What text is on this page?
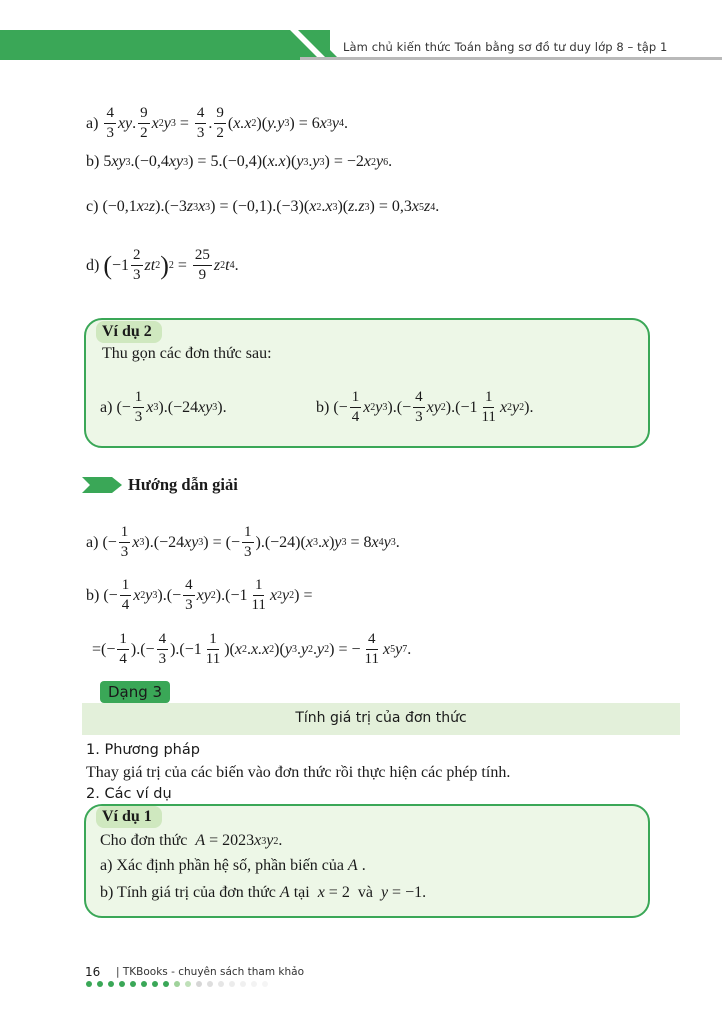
Làm chủ kiến thức Toán bằng sơ đồ tư duy lớp 8 – tập 1
$a) \frac{4}{3}$ xy . $\frac{9}{2}$ x 2 y $3 = \frac{4}{3}$ . $\frac{9}{2}$ ( x.x 2 )( y.y 3 ) = 6 x 3 y 4 .
b) 5 xy 3 .(−0,4 xy 3 ) = 5.(−0,4)( x.x )( y 3 . y 3 ) = −2 x 2 y 6 .
c) (−0,1 x 2 z ).(−3 z 3 x 3 ) = (−0,1).(−3)( x 2 . x 3 )( z.z 3 ) = 0,3 x 5 z 4 .
d) ( $-1 \frac{2}{3}$ zt 2 ) $2 = \frac{25}{9}$ z 2 t 4 .
Ví dụ 2
Thu gọn các đơn thức sau:
a) (− $\frac{1}{3}$ x 3 ).(−24 xy 3 ).	b) (− $\frac{1}{4}$ x 2 y 3 ).(− $\frac{4}{3}$ xy 2 )$.(-1 \frac{1}{11}$ x 2 y 2 ).
Hướng dẫn giải
a) (− $\frac{1}{3}$ x 3 ).(−24 xy 3 ) = (− $\frac{1}{3} ).(-24)$( x 3 . x ) y 3 = 8 x 4 y 3 .
b) (− $\frac{1}{4}$ x 2 y 3 ).(− $\frac{4}{3}$ xy 2 )$.(-1 \frac{1}{11}$ x 2 y 2 ) =
=(− $\frac{1}{4}$ ).(− $\frac{4}{3} ).(-1 \frac{1}{11}$ )( x 2 . x.x 2 )( y 3 . y 2 . y 2 ) = − $\frac{4}{11}$ x 5 y 7 .
Dạng 3
Tính giá trị của đơn thức
1. Phương pháp
Thay giá trị của các biến vào đơn thức rồi thực hiện các phép tính.
2. Các ví dụ
Ví dụ 1
Cho đơn thức
A = 2023 x 3 y 2 .
a) Xác định phần hệ số, phần biến của
A .
b) Tính giá trị của đơn thức
A
tại
x = 2 và
y = −1.
16 | TKBooks - chuyên sách tham khảo
